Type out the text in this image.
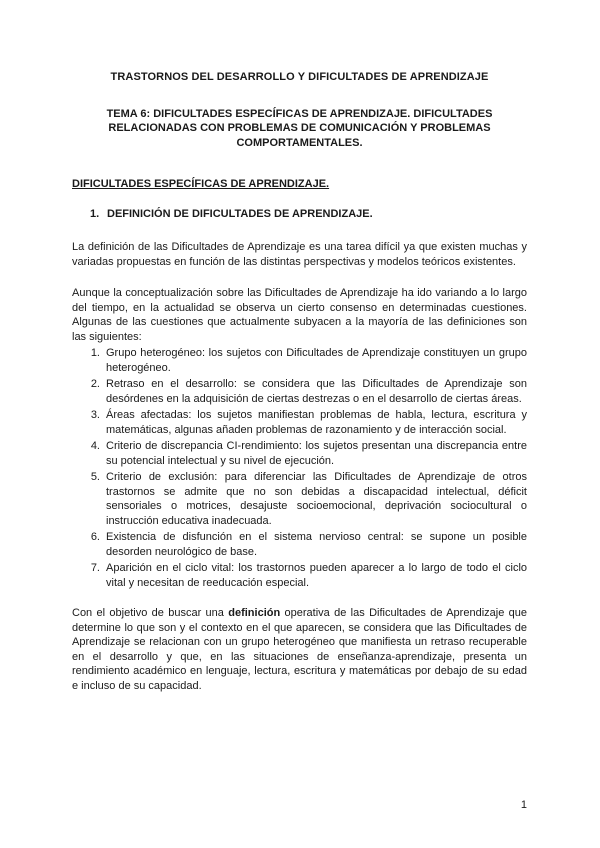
TRASTORNOS DEL DESARROLLO Y DIFICULTADES DE APRENDIZAJE
TEMA 6: DIFICULTADES ESPECÍFICAS DE APRENDIZAJE. DIFICULTADES RELACIONADAS CON PROBLEMAS DE COMUNICACIÓN Y PROBLEMAS COMPORTAMENTALES.
DIFICULTADES ESPECÍFICAS DE APRENDIZAJE.
1. DEFINICIÓN DE DIFICULTADES DE APRENDIZAJE.

La definición de las Dificultades de Aprendizaje es una tarea difícil ya que existen muchas y variadas propuestas en función de las distintas perspectivas y modelos teóricos existentes.

Aunque la conceptualización sobre las Dificultades de Aprendizaje ha ido variando a lo largo del tiempo, en la actualidad se observa un cierto consenso en determinadas cuestiones. Algunas de las cuestiones que actualmente subyacen a la mayoría de las definiciones son las siguientes:

1. Grupo heterogéneo: los sujetos con Dificultades de Aprendizaje constituyen un grupo heterogéneo.
2. Retraso en el desarrollo: se considera que las Dificultades de Aprendizaje son desórdenes en la adquisición de ciertas destrezas o en el desarrollo de ciertas áreas.
3. Áreas afectadas: los sujetos manifiestan problemas de habla, lectura, escritura y matemáticas, algunas añaden problemas de razonamiento y de interacción social.
4. Criterio de discrepancia CI-rendimiento: los sujetos presentan una discrepancia entre su potencial intelectual y su nivel de ejecución.
5. Criterio de exclusión: para diferenciar las Dificultades de Aprendizaje de otros trastornos se admite que no son debidas a discapacidad intelectual, déficit sensoriales o motrices, desajuste socioemocional, deprivación sociocultural o instrucción educativa inadecuada.
6. Existencia de disfunción en el sistema nervioso central: se supone un posible desorden neurológico de base.
7. Aparición en el ciclo vital: los trastornos pueden aparecer a lo largo de todo el ciclo vital y necesitan de reeducación especial.

Con el objetivo de buscar una definición operativa de las Dificultades de Aprendizaje que determine lo que son y el contexto en el que aparecen, se considera que las Dificultades de Aprendizaje se relacionan con un grupo heterogéneo que manifiesta un retraso recuperable en el desarrollo y que, en las situaciones de enseñanza-aprendizaje, presenta un rendimiento académico en lenguaje, lectura, escritura y matemáticas por debajo de su edad e incluso de su capacidad.

1
